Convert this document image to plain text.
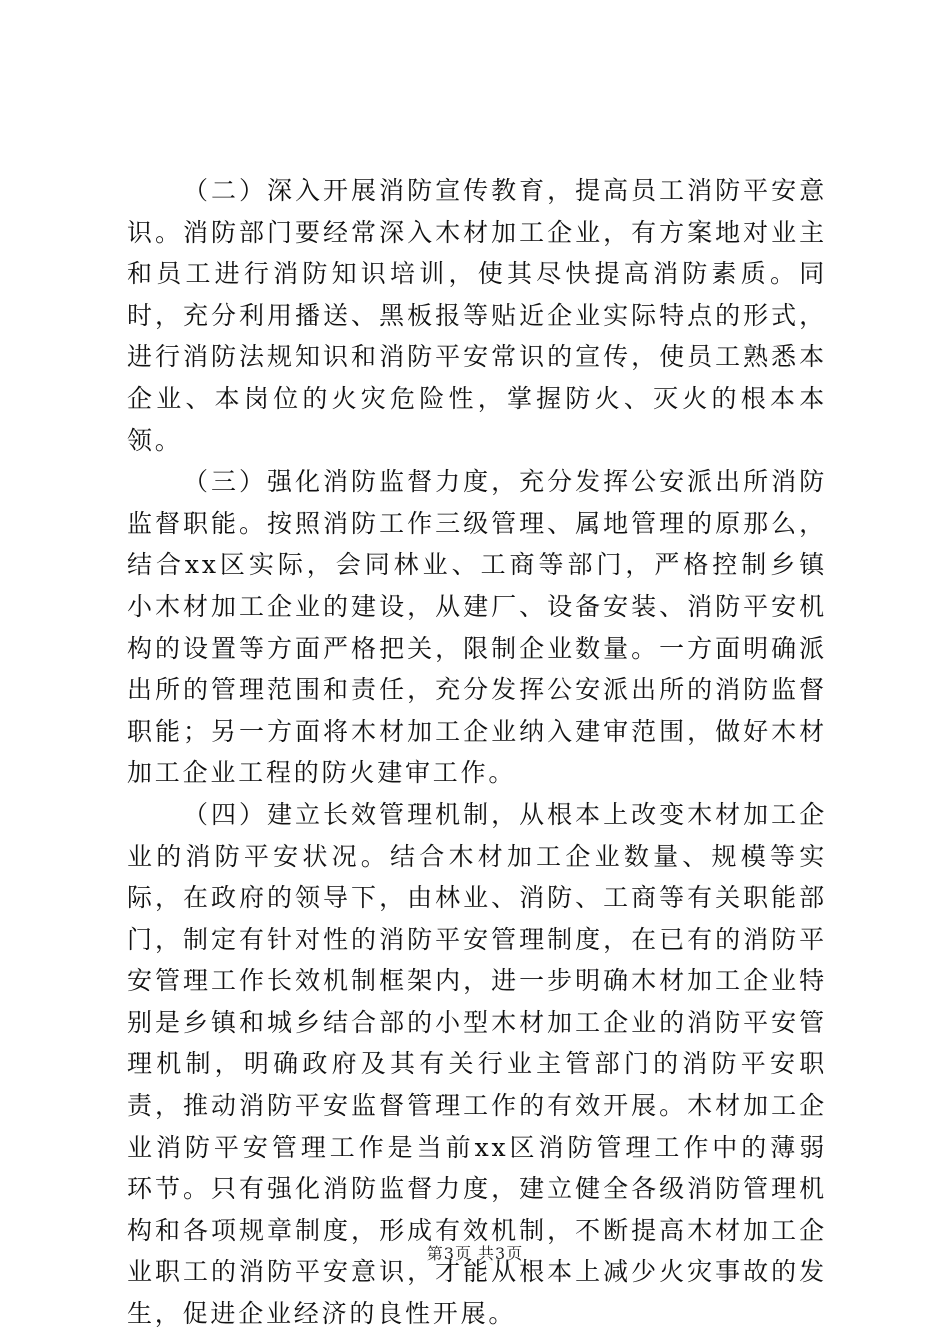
（二）深入开展消防宣传教育，提高员工消防平安意识。消防部门要经常深入木材加工企业，有方案地对业主和员工进行消防知识培训，使其尽快提高消防素质。同时，充分利用播送、黑板报等贴近企业实际特点的形式，进行消防法规知识和消防平安常识的宣传，使员工熟悉本企业、本岗位的火灾危险性，掌握防火、灭火的根本本领。

（三）强化消防监督力度，充分发挥公安派出所消防监督职能。按照消防工作三级管理、属地管理的原那么，结合xx区实际，会同林业、工商等部门，严格控制乡镇小木材加工企业的建设，从建厂、设备安装、消防平安机构的设置等方面严格把关，限制企业数量。一方面明确派出所的管理范围和责任，充分发挥公安派出所的消防监督职能；另一方面将木材加工企业纳入建审范围，做好木材加工企业工程的防火建审工作。

（四）建立长效管理机制，从根本上改变木材加工企业的消防平安状况。结合木材加工企业数量、规模等实际，在政府的领导下，由林业、消防、工商等有关职能部门，制定有针对性的消防平安管理制度，在已有的消防平安管理工作长效机制框架内，进一步明确木材加工企业特别是乡镇和城乡结合部的小型木材加工企业的消防平安管理机制，明确政府及其有关行业主管部门的消防平安职责，推动消防平安监督管理工作的有效开展。木材加工企业消防平安管理工作是当前xx区消防管理工作中的薄弱环节。只有强化消防监督力度，建立健全各级消防管理机构和各项规章制度，形成有效机制，不断提高木材加工企业职工的消防平安意识，才能从根本上减少火灾事故的发生，促进企业经济的良性开展。

第3页 共3页
